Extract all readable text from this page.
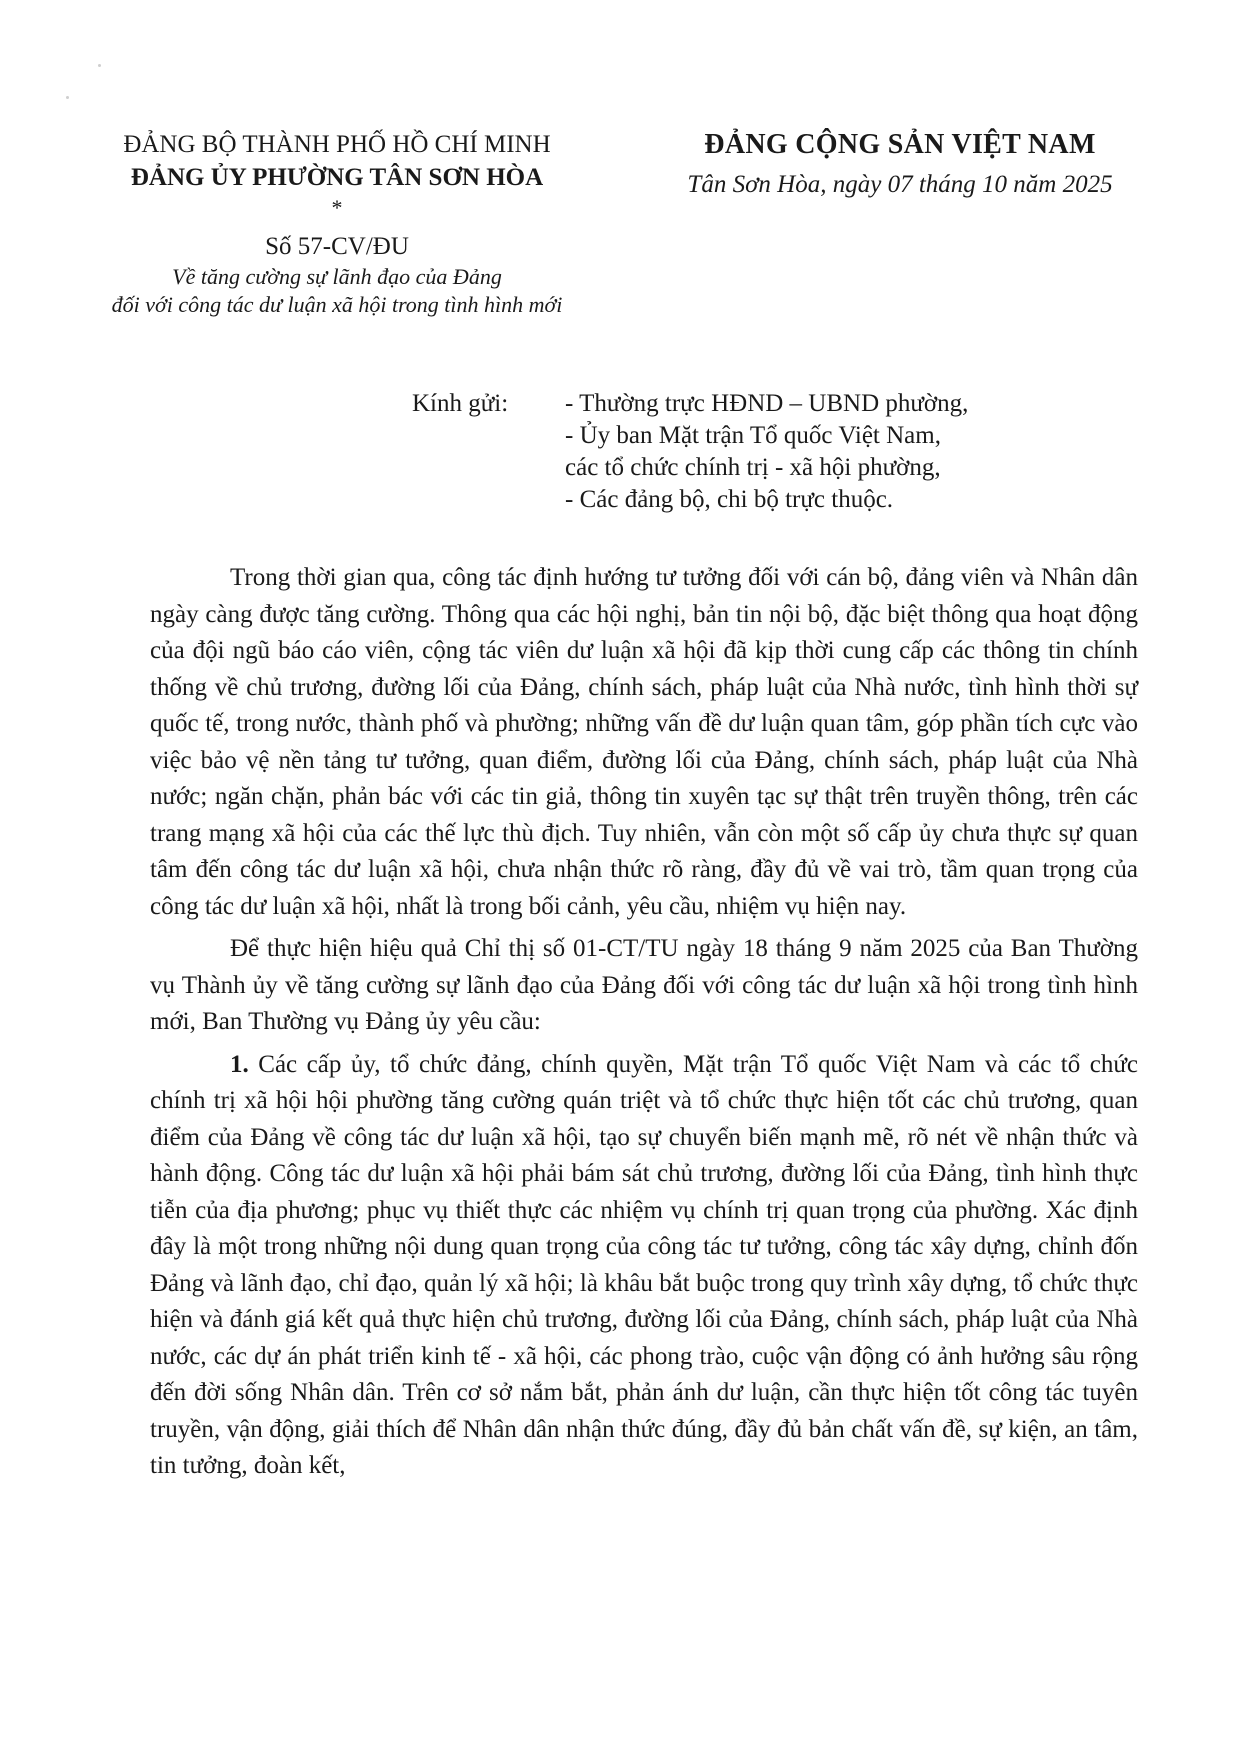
ĐẢNG BỘ THÀNH PHỐ HỒ CHÍ MINH
ĐẢNG ỦY PHƯỜNG TÂN SƠN HÒA
*
Số 57-CV/ĐU
Về tăng cường sự lãnh đạo của Đảng
đối với công tác dư luận xã hội trong tình hình mới
ĐẢNG CỘNG SẢN VIỆT NAM
Tân Sơn Hòa, ngày 07 tháng 10 năm 2025
Kính gửi:	- Thường trực HĐND – UBND phường,
- Ủy ban Mặt trận Tổ quốc Việt Nam,
các tổ chức chính trị - xã hội phường,
- Các đảng bộ, chi bộ trực thuộc.

Trong thời gian qua, công tác định hướng tư tưởng đối với cán bộ, đảng viên và Nhân dân ngày càng được tăng cường. Thông qua các hội nghị, bản tin nội bộ, đặc biệt thông qua hoạt động của đội ngũ báo cáo viên, cộng tác viên dư luận xã hội đã kịp thời cung cấp các thông tin chính thống về chủ trương, đường lối của Đảng, chính sách, pháp luật của Nhà nước, tình hình thời sự quốc tế, trong nước, thành phố và phường; những vấn đề dư luận quan tâm, góp phần tích cực vào việc bảo vệ nền tảng tư tưởng, quan điểm, đường lối của Đảng, chính sách, pháp luật của Nhà nước; ngăn chặn, phản bác với các tin giả, thông tin xuyên tạc sự thật trên truyền thông, trên các trang mạng xã hội của các thế lực thù địch. Tuy nhiên, vẫn còn một số cấp ủy chưa thực sự quan tâm đến công tác dư luận xã hội, chưa nhận thức rõ ràng, đầy đủ về vai trò, tầm quan trọng của công tác dư luận xã hội, nhất là trong bối cảnh, yêu cầu, nhiệm vụ hiện nay.

Để thực hiện hiệu quả Chỉ thị số 01-CT/TU ngày 18 tháng 9 năm 2025 của Ban Thường vụ Thành ủy về tăng cường sự lãnh đạo của Đảng đối với công tác dư luận xã hội trong tình hình mới, Ban Thường vụ Đảng ủy yêu cầu:

1. Các cấp ủy, tổ chức đảng, chính quyền, Mặt trận Tổ quốc Việt Nam và các tổ chức chính trị xã hội hội phường tăng cường quán triệt và tổ chức thực hiện tốt các chủ trương, quan điểm của Đảng về công tác dư luận xã hội, tạo sự chuyển biến mạnh mẽ, rõ nét về nhận thức và hành động. Công tác dư luận xã hội phải bám sát chủ trương, đường lối của Đảng, tình hình thực tiễn của địa phương; phục vụ thiết thực các nhiệm vụ chính trị quan trọng của phường. Xác định đây là một trong những nội dung quan trọng của công tác tư tưởng, công tác xây dựng, chỉnh đốn Đảng và lãnh đạo, chỉ đạo, quản lý xã hội; là khâu bắt buộc trong quy trình xây dựng, tổ chức thực hiện và đánh giá kết quả thực hiện chủ trương, đường lối của Đảng, chính sách, pháp luật của Nhà nước, các dự án phát triển kinh tế - xã hội, các phong trào, cuộc vận động có ảnh hưởng sâu rộng đến đời sống Nhân dân. Trên cơ sở nắm bắt, phản ánh dư luận, cần thực hiện tốt công tác tuyên truyền, vận động, giải thích để Nhân dân nhận thức đúng, đầy đủ bản chất vấn đề, sự kiện, an tâm, tin tưởng, đoàn kết,
